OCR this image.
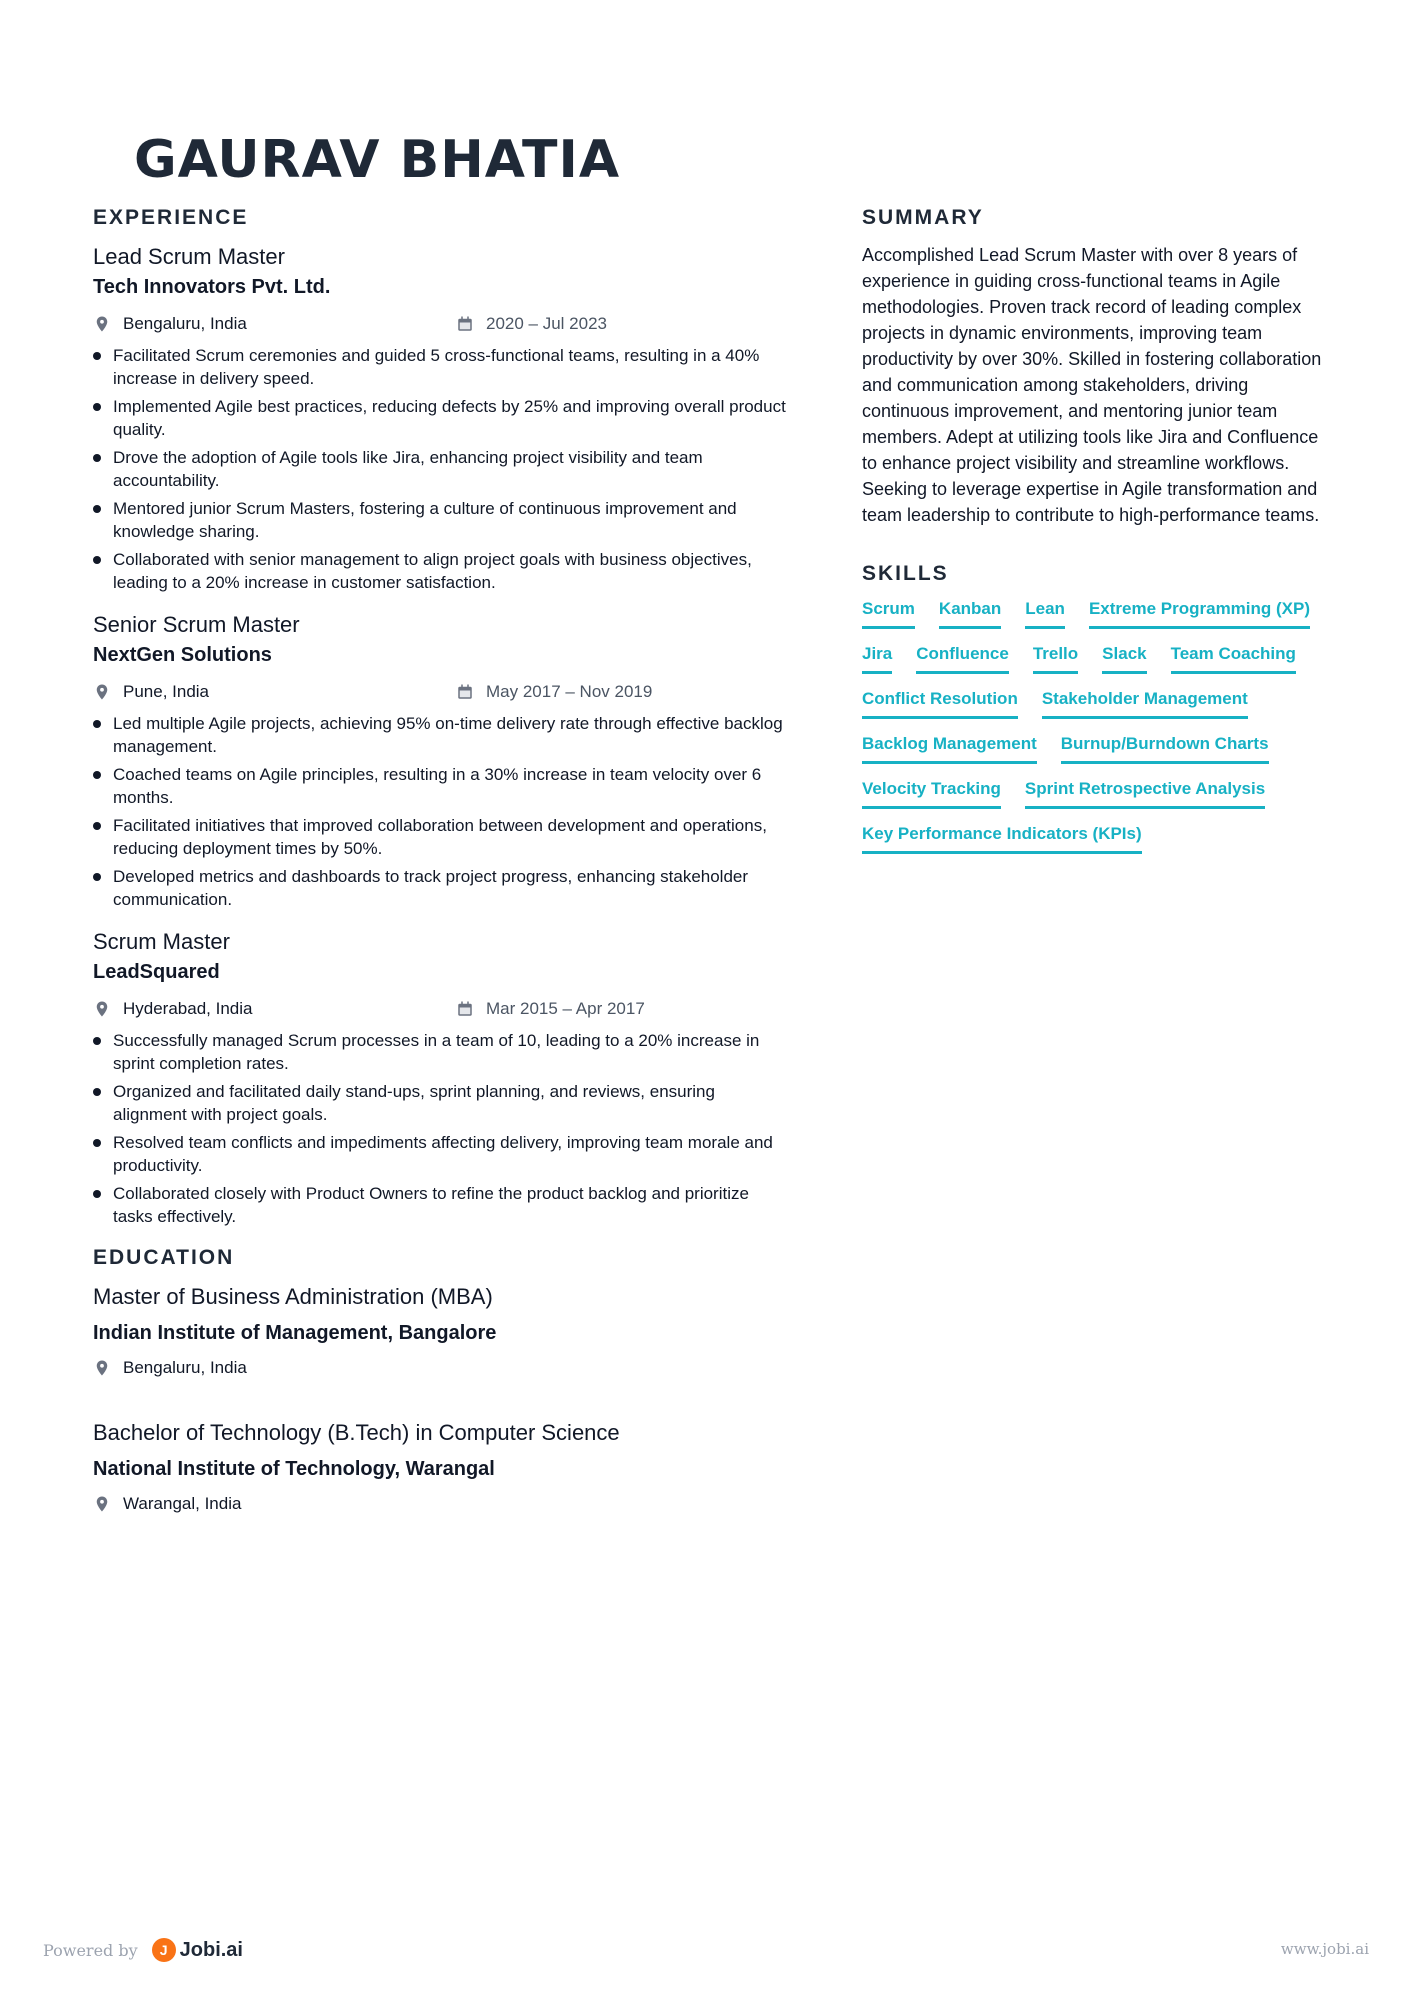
GAURAV BHATIA
EXPERIENCE
Lead Scrum Master
Tech Innovators Pvt. Ltd.
Bengaluru, India	2020 – Jul 2023
Facilitated Scrum ceremonies and guided 5 cross-functional teams, resulting in a 40% increase in delivery speed.
Implemented Agile best practices, reducing defects by 25% and improving overall product quality.
Drove the adoption of Agile tools like Jira, enhancing project visibility and team accountability.
Mentored junior Scrum Masters, fostering a culture of continuous improvement and knowledge sharing.
Collaborated with senior management to align project goals with business objectives, leading to a 20% increase in customer satisfaction.
Senior Scrum Master
NextGen Solutions
Pune, India	May 2017 – Nov 2019
Led multiple Agile projects, achieving 95% on-time delivery rate through effective backlog management.
Coached teams on Agile principles, resulting in a 30% increase in team velocity over 6 months.
Facilitated initiatives that improved collaboration between development and operations, reducing deployment times by 50%.
Developed metrics and dashboards to track project progress, enhancing stakeholder communication.
Scrum Master
LeadSquared
Hyderabad, India	Mar 2015 – Apr 2017
Successfully managed Scrum processes in a team of 10, leading to a 20% increase in sprint completion rates.
Organized and facilitated daily stand-ups, sprint planning, and reviews, ensuring alignment with project goals.
Resolved team conflicts and impediments affecting delivery, improving team morale and productivity.
Collaborated closely with Product Owners to refine the product backlog and prioritize tasks effectively.
EDUCATION
Master of Business Administration (MBA)
Indian Institute of Management, Bangalore
Bengaluru, India
Bachelor of Technology (B.Tech) in Computer Science
National Institute of Technology, Warangal
Warangal, India
SUMMARY

Accomplished Lead Scrum Master with over 8 years of experience in guiding cross-functional teams in Agile methodologies. Proven track record of leading complex projects in dynamic environments, improving team productivity by over 30%. Skilled in fostering collaboration and communication among stakeholders, driving continuous improvement, and mentoring junior team members. Adept at utilizing tools like Jira and Confluence to enhance project visibility and streamline workflows. Seeking to leverage expertise in Agile transformation and team leadership to contribute to high-performance teams.

SKILLS
Scrum Kanban Lean Extreme Programming (XP)
Jira Confluence Trello Slack Team Coaching
Conflict Resolution Stakeholder Management
Backlog Management Burnup/Burndown Charts
Velocity Tracking Sprint Retrospective Analysis
Key Performance Indicators (KPIs)
Powered by	J Jobi.ai	www.jobi.ai
